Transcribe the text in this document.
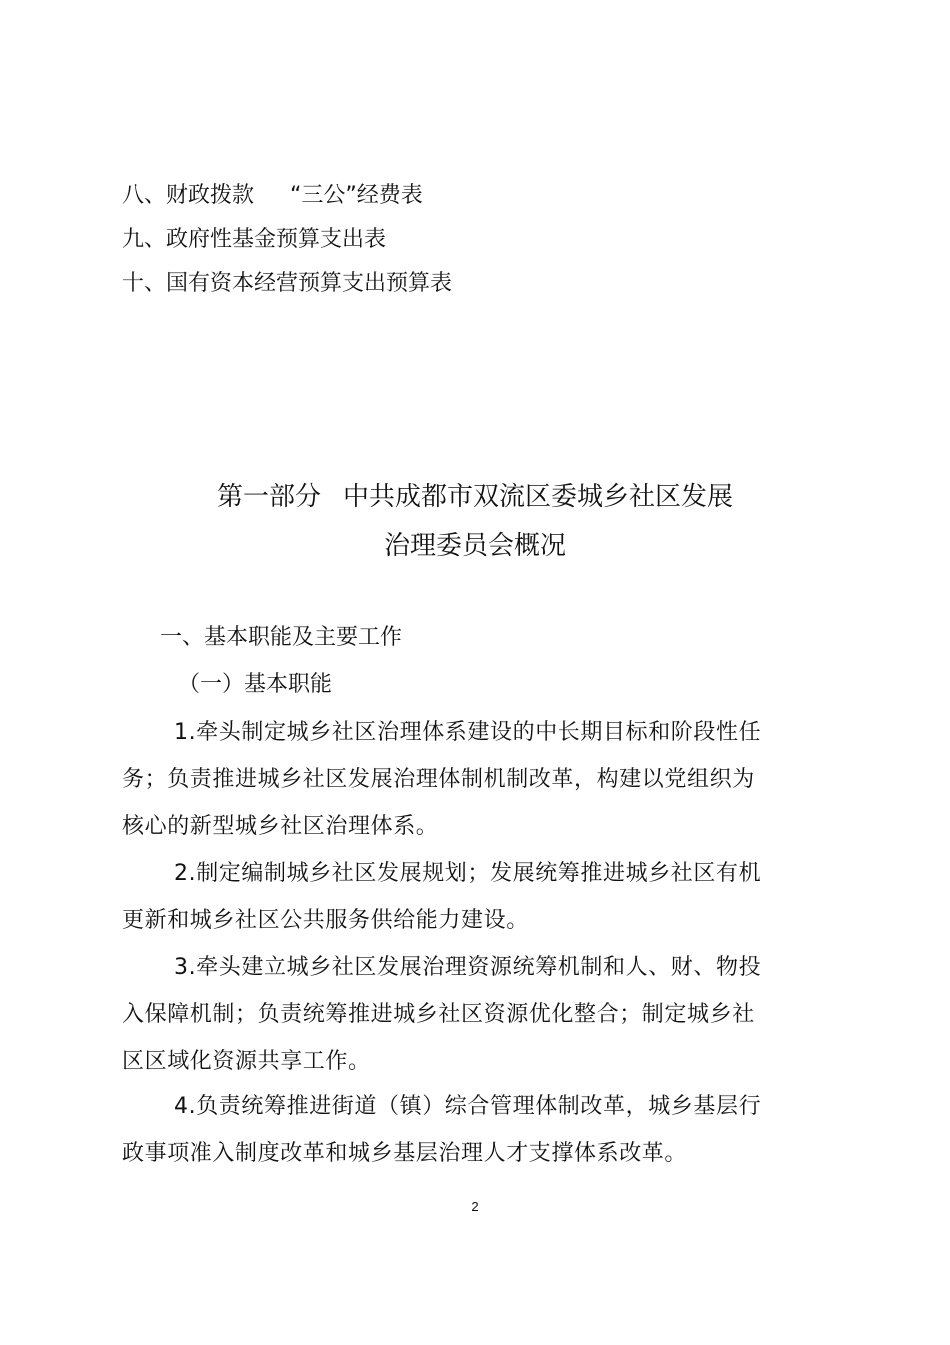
八、财政拨款 “三公”经费表
九、政府性基金预算支出表
十、国有资本经营预算支出预算表
第一部分 中共成都市双流区委城乡社区发展
治理委员会概况
一、基本职能及主要工作
（一）基本职能

1.牵头制定城乡社区治理体系建设的中长期目标和阶段性任务；负责推进城乡社区发展治理体制机制改革，构建以党组织为核心的新型城乡社区治理体系。

2.制定编制城乡社区发展规划；发展统筹推进城乡社区有机更新和城乡社区公共服务供给能力建设。

3.牵头建立城乡社区发展治理资源统筹机制和人、财、物投入保障机制；负责统筹推进城乡社区资源优化整合；制定城乡社区区域化资源共享工作。

4.负责统筹推进街道（镇）综合管理体制改革，城乡基层行政事项准入制度改革和城乡基层治理人才支撑体系改革。

2
